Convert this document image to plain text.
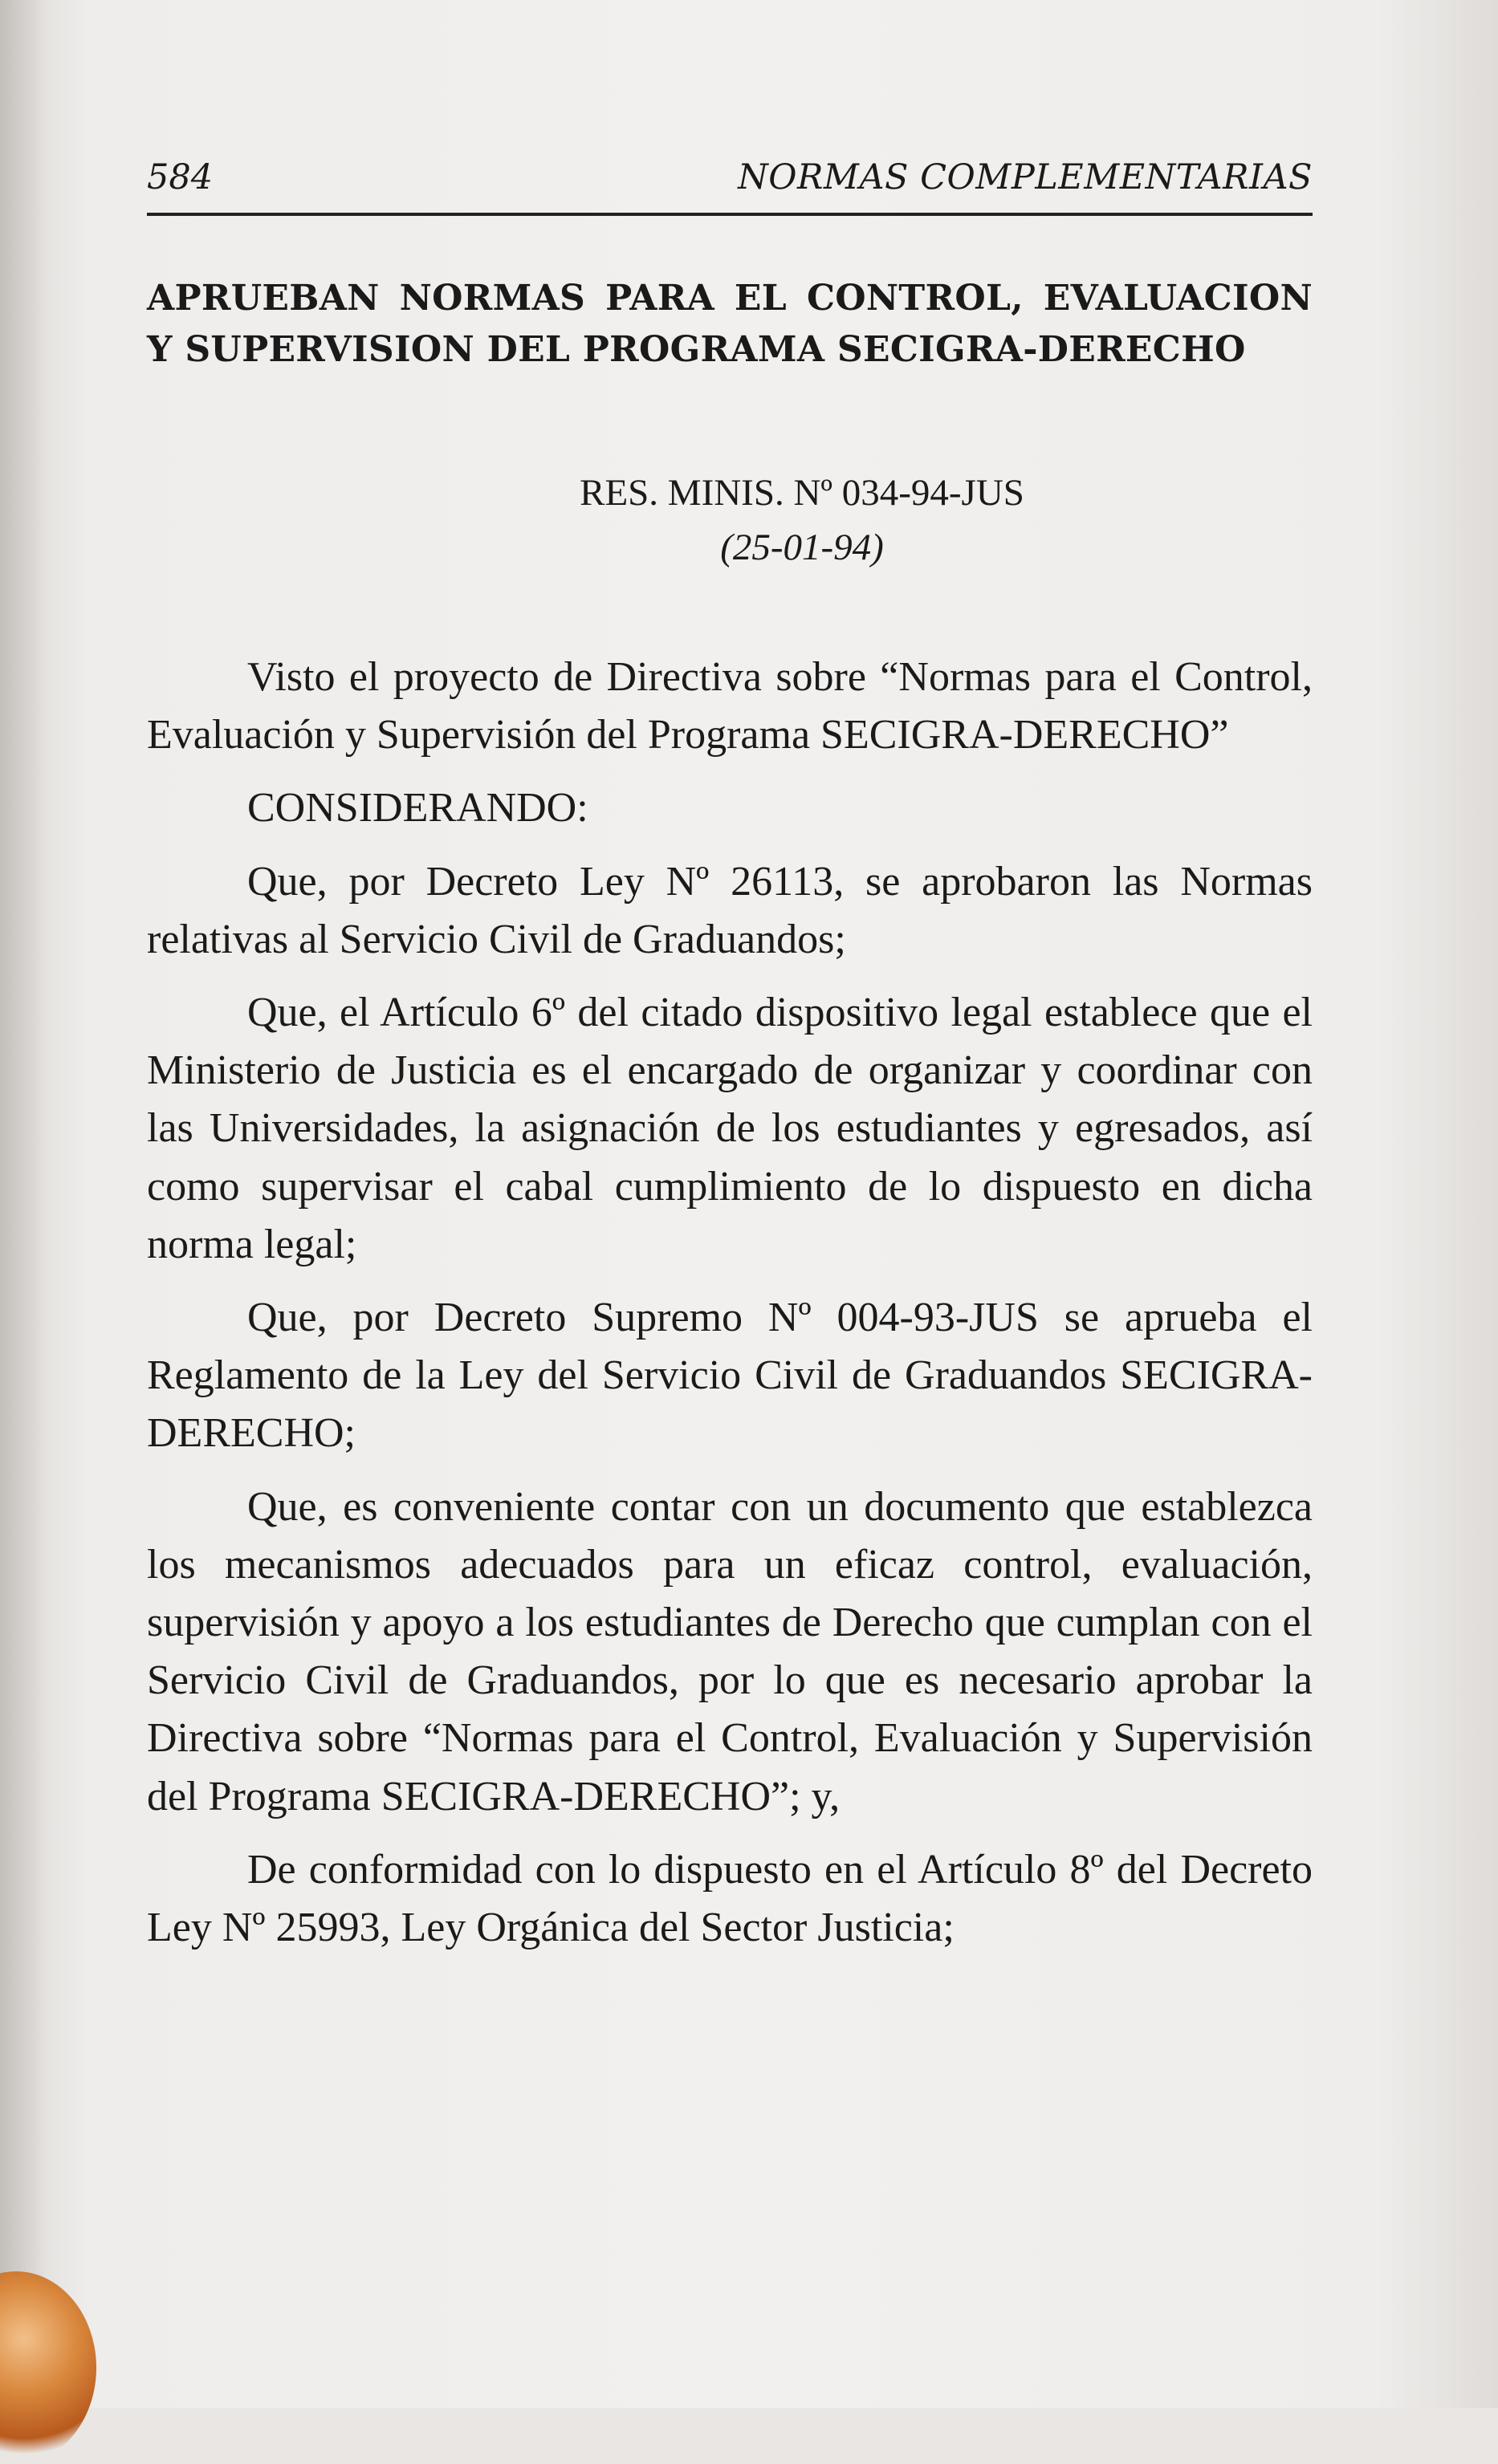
584	NORMAS COMPLEMENTARIAS
APRUEBAN NORMAS PARA EL CONTROL, EVALUACION Y SUPERVISION DEL PROGRAMA SECIGRA-DERECHO
RES. MINIS. Nº 034-94-JUS
(25-01-94)

Visto el proyecto de Directiva sobre “Normas para el Control, Evaluación y Supervisión del Programa SECIGRA-DERECHO”

CONSIDERANDO:

Que, por Decreto Ley Nº 26113, se aprobaron las Normas relativas al Servicio Civil de Graduandos;

Que, el Artículo 6º del citado dispositivo legal establece que el Ministerio de Justicia es el encargado de organizar y coordinar con las Universidades, la asignación de los estudiantes y egresados, así como supervisar el cabal cumplimiento de lo dispuesto en dicha norma legal;

Que, por Decreto Supremo Nº 004-93-JUS se aprueba el Reglamento de la Ley del Servicio Civil de Graduandos SECIGRA-DERECHO;

Que, es conveniente contar con un documento que establezca los mecanismos adecuados para un eficaz control, evaluación, supervisión y apoyo a los estudiantes de Derecho que cumplan con el Servicio Civil de Graduandos, por lo que es necesario aprobar la Directiva sobre “Normas para el Control, Evaluación y Supervisión del Programa SECIGRA-DERECHO”; y,

De conformidad con lo dispuesto en el Artículo 8º del Decreto Ley Nº 25993, Ley Orgánica del Sector Justicia;
